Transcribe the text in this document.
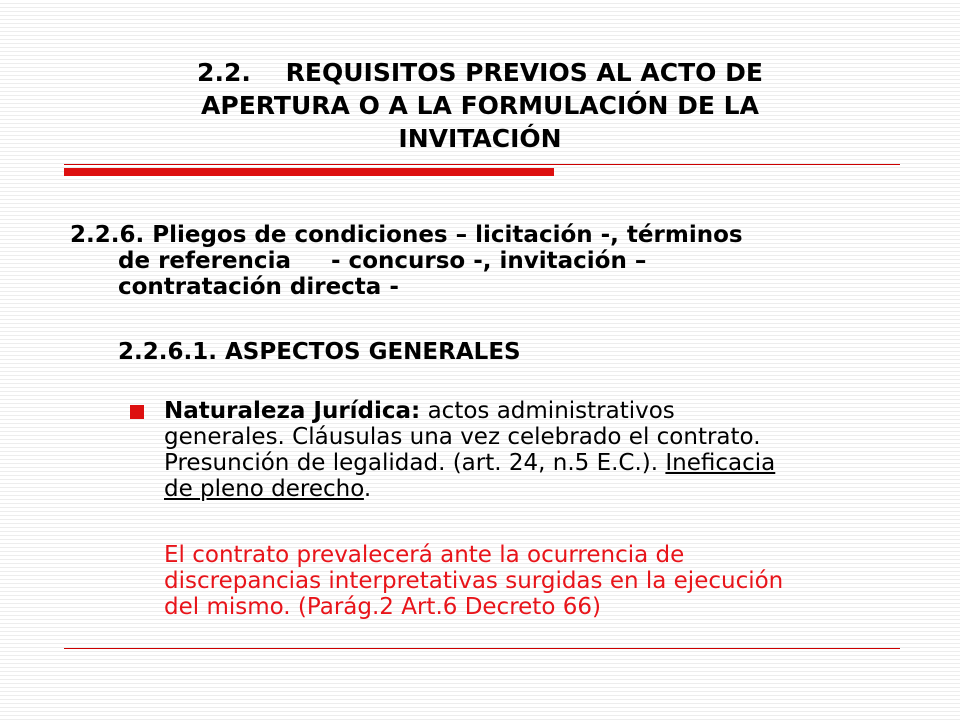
2.2.    REQUISITOS PREVIOS AL ACTO DE
APERTURA O A LA FORMULACIÓN DE LA
INVITACIÓN
2.2.6. Pliegos de condiciones – licitación -, términos
de referencia     - concurso -, invitación –
contratación directa -
2.2.6.1. ASPECTOS GENERALES
Naturaleza Jurídica: actos administrativos
generales. Cláusulas una vez celebrado el contrato.
Presunción de legalidad. (art. 24, n.5 E.C.). Ineficacia
de pleno derecho.
El contrato prevalecerá ante la ocurrencia de
discrepancias interpretativas surgidas en la ejecución
del mismo. (Parág.2 Art.6 Decreto 66)
